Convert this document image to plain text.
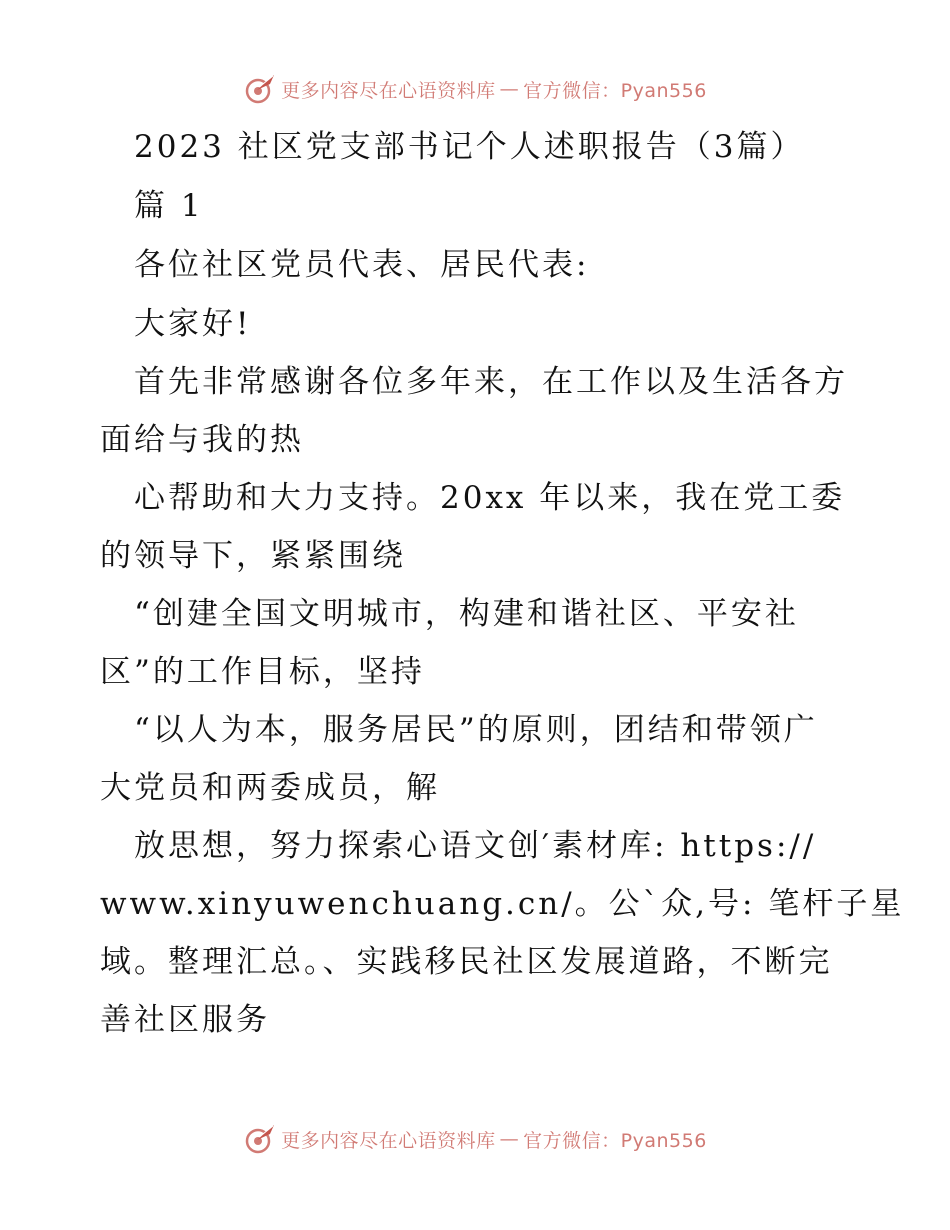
更多内容尽在心语资料库 — 官方微信：Pyan556
2023 社区党支部书记个人述职报告（3篇）
篇 1
各位社区党员代表、居民代表:
大家好!
首先非常感谢各位多年来，在工作以及生活各方
面给与我的热
心帮助和大力支持。20xx 年以来，我在党工委
的领导下，紧紧围绕
“创建全国文明城市，构建和谐社区、平安社
区”的工作目标，坚持
“以人为本，服务居民”的原则，团结和带领广
大党员和两委成员，解
放思想，努力探索心语文创′素材库: https://
www.xinyuwenchuang.cn/。公`众,号: 笔杆子星
域。整理汇总。、实践移民社区发展道路，不断完
善社区服务
更多内容尽在心语资料库 — 官方微信：Pyan556
